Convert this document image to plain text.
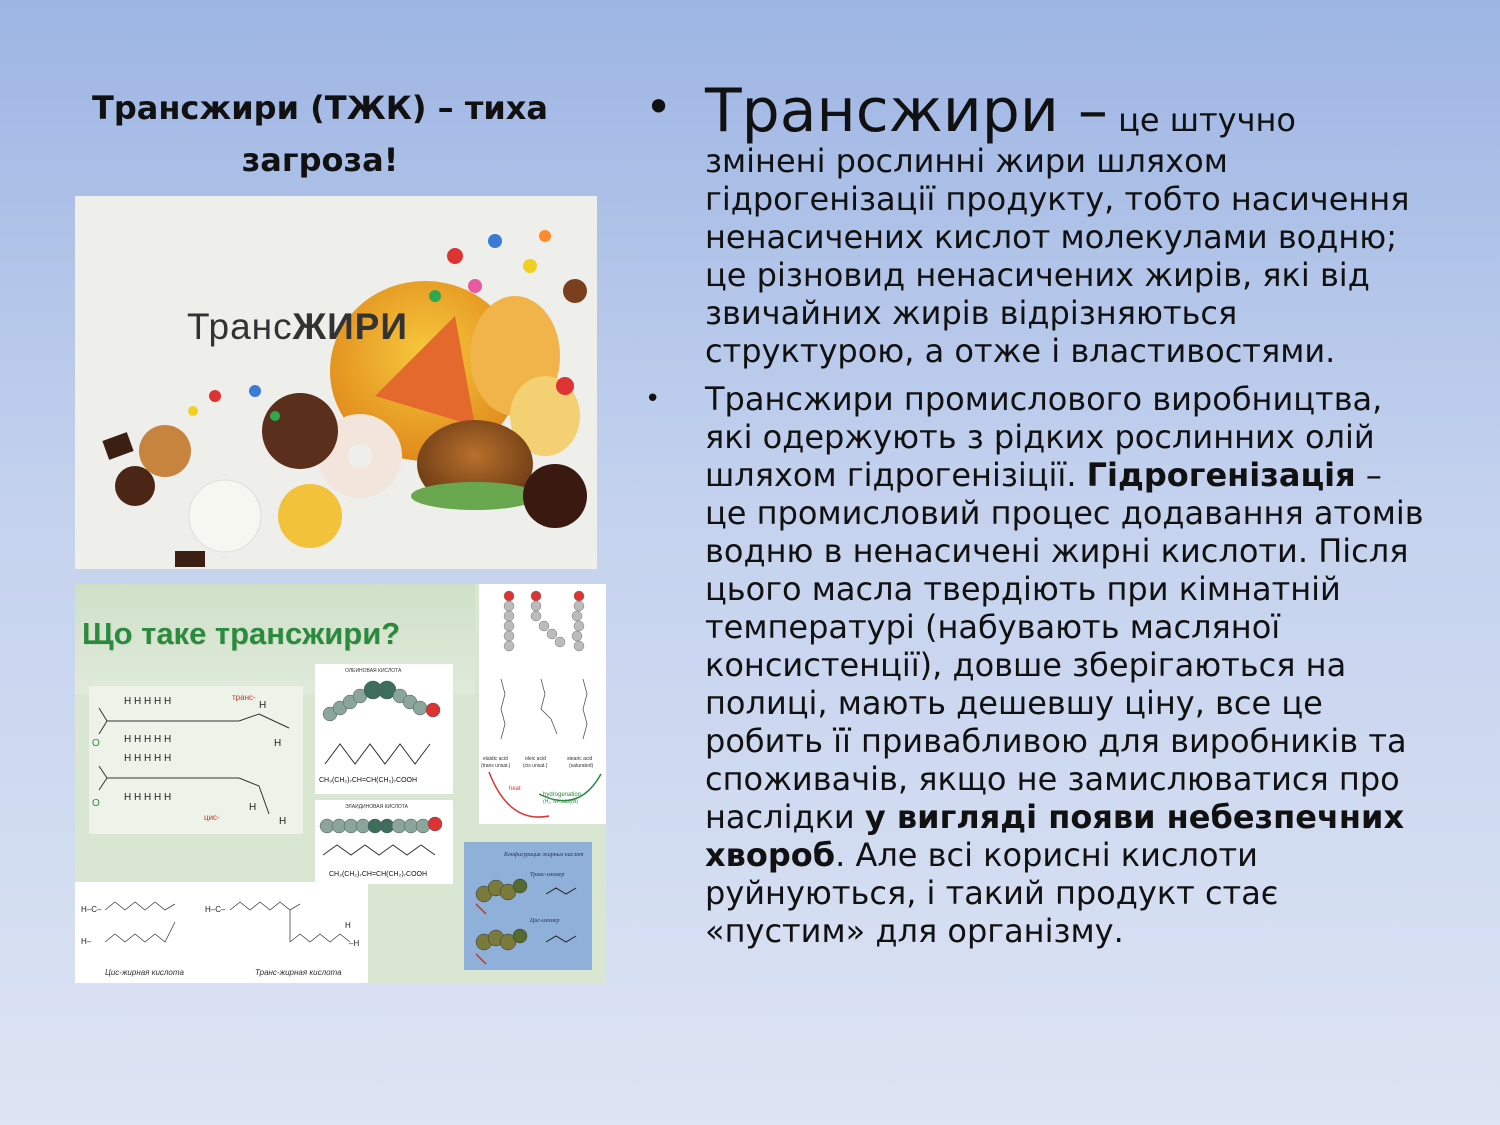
Трансжири (ТЖК) – тиха
загроза!
ТрансЖИРИ
Що таке трансжири?
H H H H H
H H H H H
H H H H H
H H H H H
O
O
H
H
H
H
транс-
цис-
ОЛЕИНОВАЯ КИСЛОТА
CH₃(CH₂)₇CH=CH(CH₂)₇COOH
ЭЛАИДИНОВАЯ КИСЛОТА
CH₃(CH₂)₇CH=CH(CH₂)₇COOH
elaidic acid
(trans unsat.)
oleic acid
(cis unsat.)
stearic acid
(saturated)
heat
hydrogenation
(H₂, Ni-catalyst)
H–C–
H–
H–C–
H
–H
Цис-жирная кислота	Транс-жирная кислота
Конфигурация жирных кислот
Транс-изомер
Цис-изомер
• Трансжири – це штучно змінені рослинні жири шляхом гідрогенізації продукту, тобто насичення ненасичених кислот молекулами водню; це різновид ненасичених жирів, які від звичайних жирів відрізняються структурою, а отже і властивостями.
• Трансжири промислового виробництва, які одержують з рідких рослинних олій шляхом гідрогенізіції. Гідрогенізація – це промисловий процес додавання атомів водню в ненасичені жирні кислоти. Після цього масла твердіють при кімнатній температурі (набувають масляної консистенції), довше зберігаються на полиці, мають дешевшу ціну, все це робить її привабливою для виробників та споживачів, якщо не замислюватися про наслідки у вигляді появи небезпечних хвороб. Але всі корисні кислоти руйнуються, і такий продукт стає «пустим» для організму.
